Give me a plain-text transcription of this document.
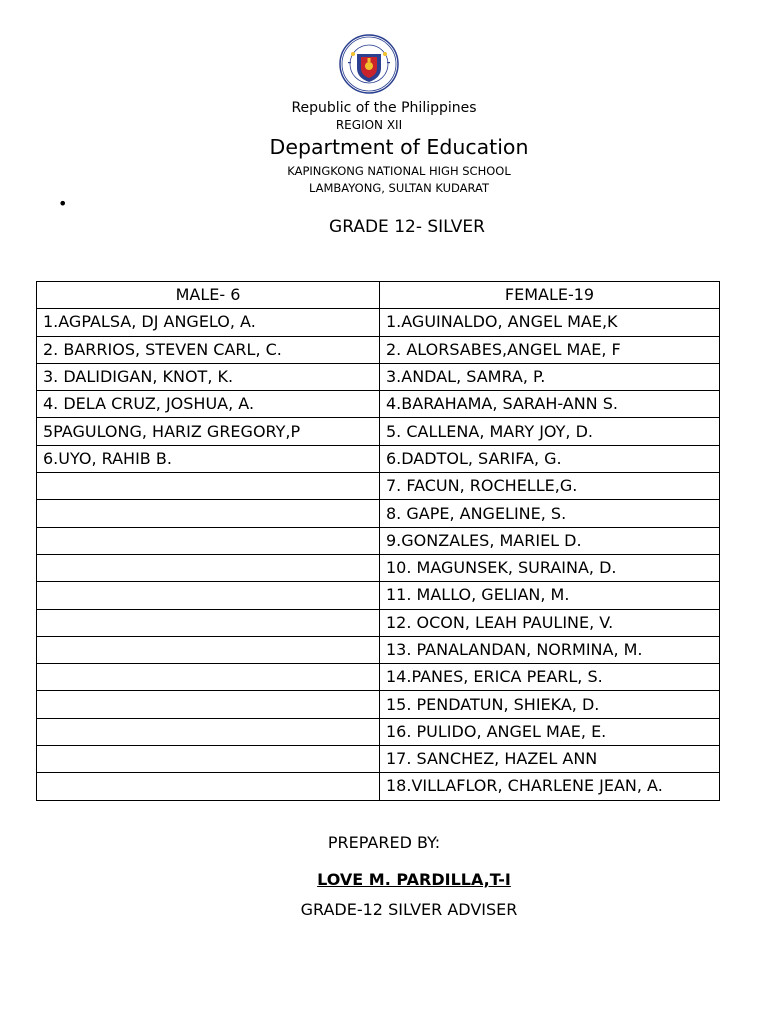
Republic of the Philippines
REGION XII
Department of Education
KAPINGKONG NATIONAL HIGH SCHOOL
LAMBAYONG, SULTAN KUDARAT
•
GRADE 12- SILVER
MALE- 6	FEMALE-19
1.AGPALSA, DJ ANGELO, A.	1.AGUINALDO, ANGEL MAE,K
2. BARRIOS, STEVEN CARL, C.	2. ALORSABES,ANGEL MAE, F
3. DALIDIGAN, KNOT, K.	3.ANDAL, SAMRA, P.
4. DELA CRUZ, JOSHUA, A.	4.BARAHAMA, SARAH-ANN S.
5PAGULONG, HARIZ GREGORY,P	5. CALLENA, MARY JOY, D.
6.UYO, RAHIB B.	6.DADTOL, SARIFA, G.
	7. FACUN, ROCHELLE,G.
	8. GAPE, ANGELINE, S.
	9.GONZALES, MARIEL D.
	10. MAGUNSEK, SURAINA, D.
	11. MALLO, GELIAN, M.
	12. OCON, LEAH PAULINE, V.
	13. PANALANDAN, NORMINA, M.
	14.PANES, ERICA PEARL, S.
	15. PENDATUN, SHIEKA, D.
	16. PULIDO, ANGEL MAE, E.
	17. SANCHEZ, HAZEL ANN
	18.VILLAFLOR, CHARLENE JEAN, A.
PREPARED BY:
LOVE M. PARDILLA,T-I
GRADE-12 SILVER ADVISER
